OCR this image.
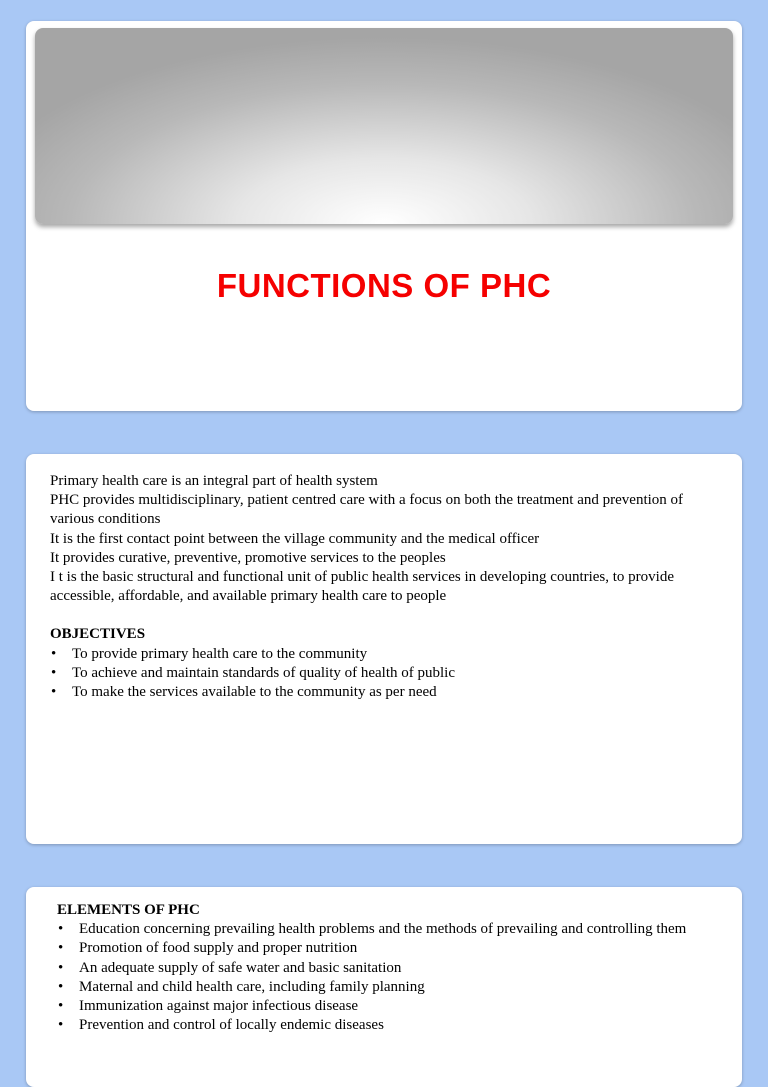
FUNCTIONS OF PHC

Primary health care is an integral part of health system

PHC provides multidisciplinary, patient centred care with a focus on both the treatment and prevention of various conditions

It is the first contact point between the village community and the medical officer

It provides curative, preventive, promotive services to the peoples

I t is the basic structural and functional unit of public health services in developing countries, to provide accessible, affordable, and available primary health care to people

OBJECTIVES

• To provide primary health care to the community
• To achieve and maintain standards of quality of health of public
• To make the services available to the community as per need

ELEMENTS OF PHC

• Education concerning prevailing health problems and the methods of prevailing and controlling them
• Promotion of food supply and proper nutrition
• An adequate supply of safe water and basic sanitation
• Maternal and child health care, including family planning
• Immunization against major infectious disease
• Prevention and control of locally endemic diseases
